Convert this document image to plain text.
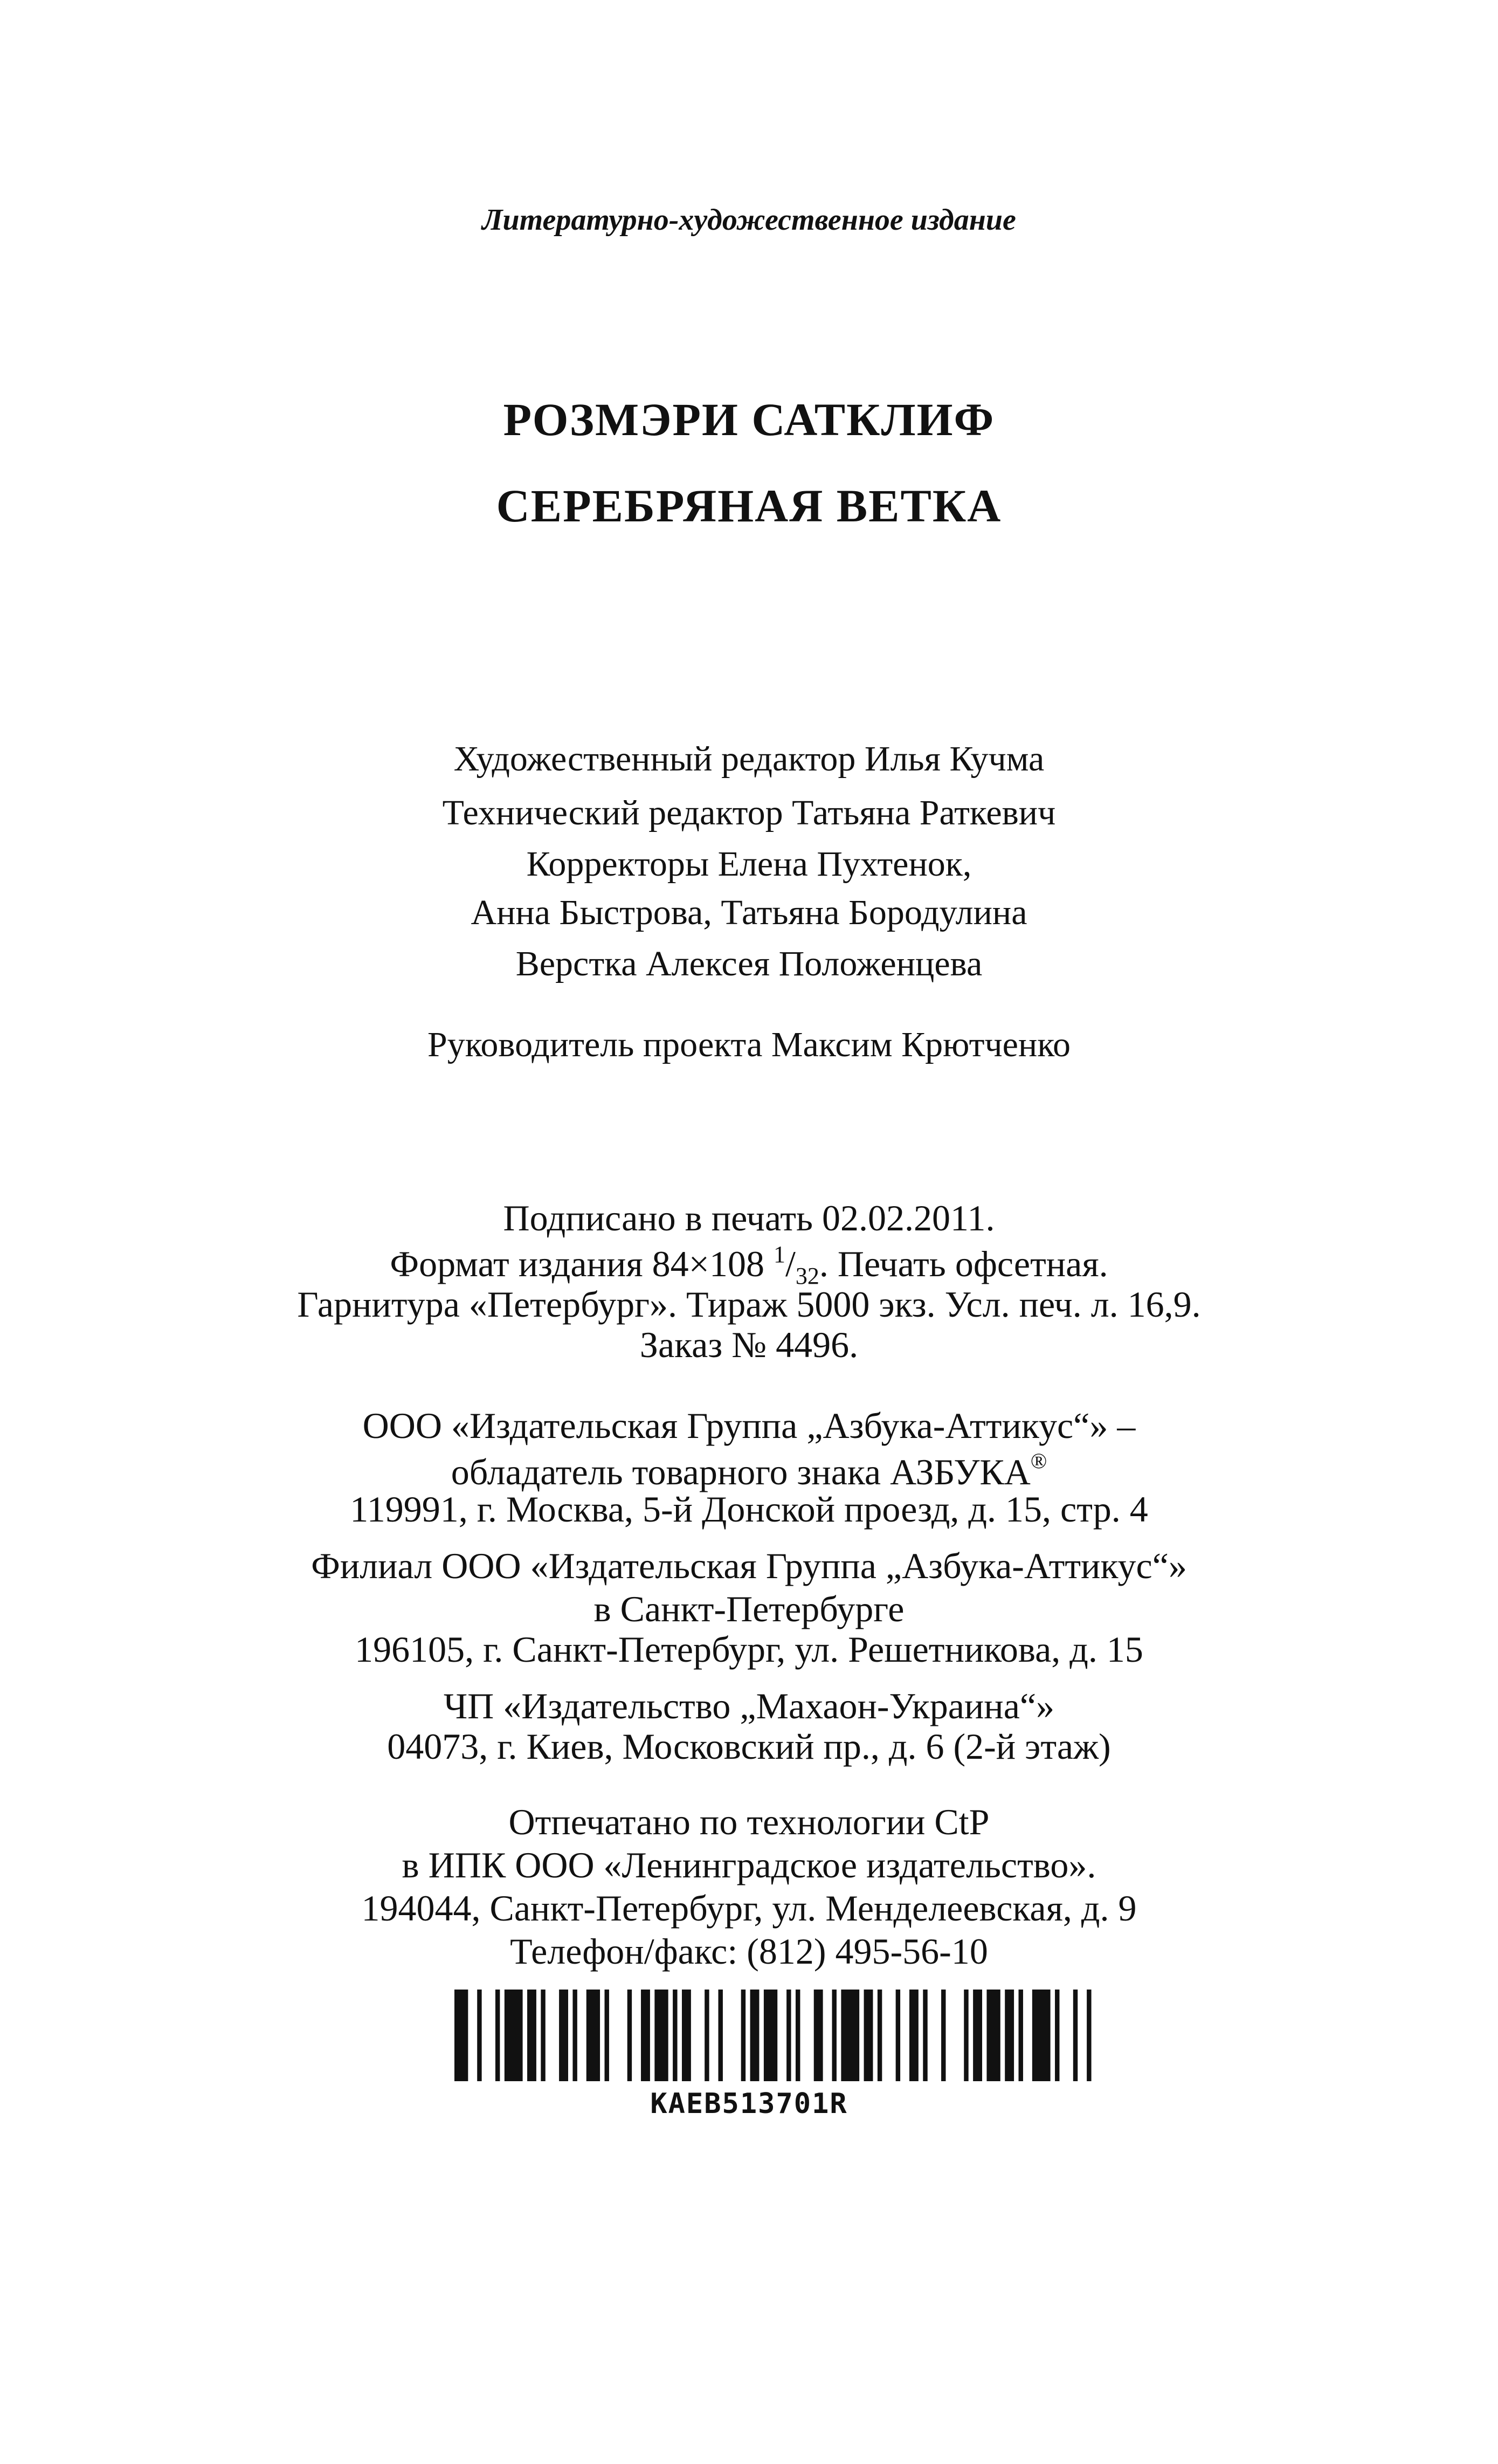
Литературно-художественное издание
РОЗМЭРИ САТКЛИФ
СЕРЕБРЯНАЯ ВЕТКА
Художественный редактор Илья Кучма
Технический редактор Татьяна Раткевич
Корректоры Елена Пухтенок,
Анна Быстрова, Татьяна Бородулина
Верстка Алексея Положенцева
Руководитель проекта Максим Крютченко
Подписано в печать 02.02.2011.
Формат издания 84×108 $^1/_{32}$. Печать офсетная.
Гарнитура «Петербург». Тираж 5000 экз. Усл. печ. л. 16,9.
Заказ № 4496.
ООО «Издательская Группа „Азбука-Аттикус“» –
обладатель товарного знака АЗБУКА®
119991, г. Москва, 5-й Донской проезд, д. 15, стр. 4
Филиал ООО «Издательская Группа „Азбука-Аттикус“»
в Санкт-Петербурге
196105, г. Санкт-Петербург, ул. Решетникова, д. 15
ЧП «Издательство „Махаон-Украина“»
04073, г. Киев, Московский пр., д. 6 (2-й этаж)
Отпечатано по технологии CtP
в ИПК ООО «Ленинградское издательство».
194044, Санкт-Петербург, ул. Менделеевская, д. 9
Телефон/факс: (812) 495-56-10
KAEB513701R
